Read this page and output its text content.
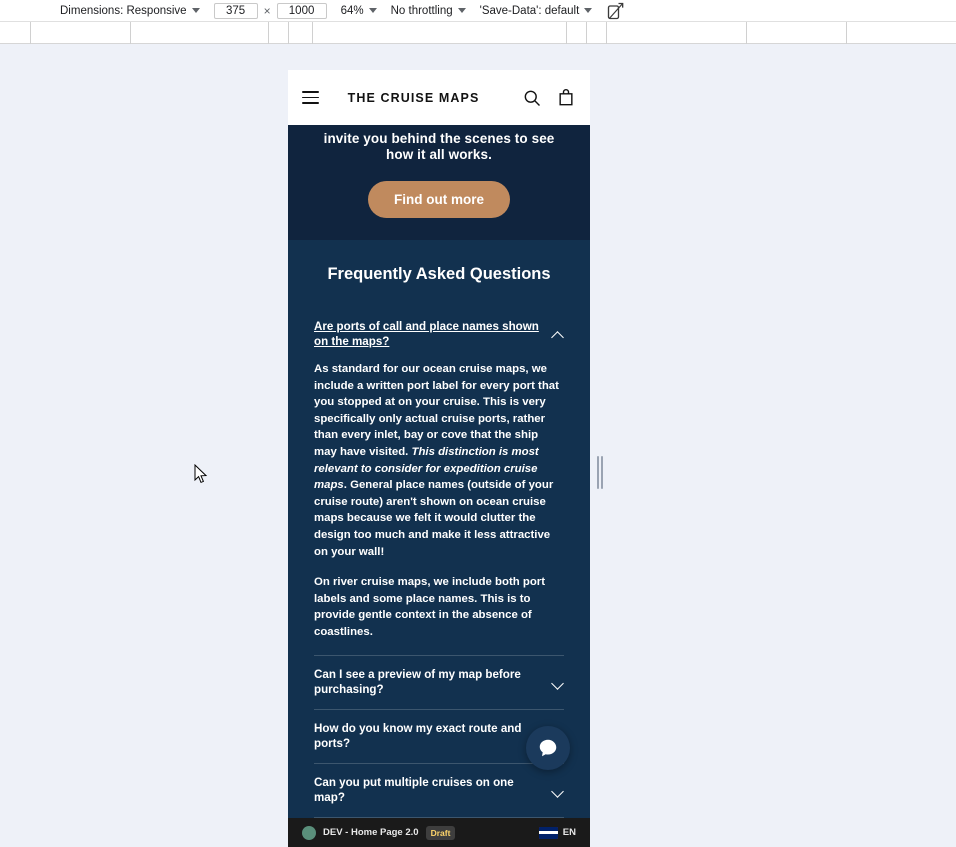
Dimensions: Responsive
375	×
1000	64% No throttling 'Save-Data': default
THE CRUISE MAPS

invite you behind the scenes to see how it all works.

Find out more
Frequently Asked Questions
Are ports of call and place names shown on the maps?

As standard for our ocean cruise maps, we include a written port label for every port that you stopped at on your cruise. This is very specifically only actual cruise ports, rather than every inlet, bay or cove that the ship may have visited. This distinction is most relevant to consider for expedition cruise maps. General place names (outside of your cruise route) aren't shown on ocean cruise maps because we felt it would clutter the design too much and make it less attractive on your wall!

On river cruise maps, we include both port labels and some place names. This is to provide gentle context in the absence of coastlines.

Can I see a preview of my map before purchasing?
How do you know my exact route and ports?
Can you put multiple cruises on one map?
DEV - Home Page 2.0	Draft	EN
